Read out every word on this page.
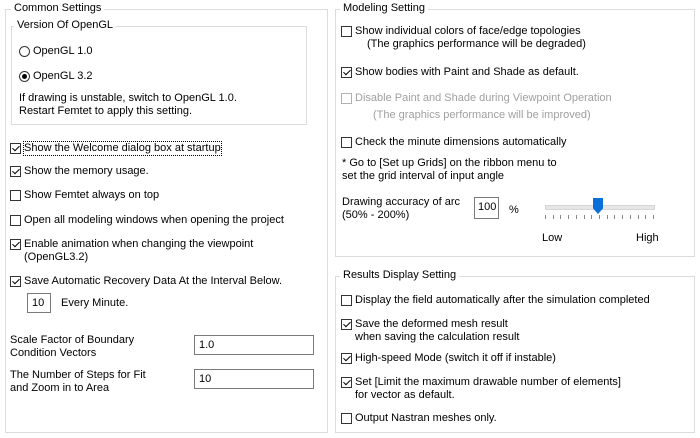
Common Settings
Version Of OpenGL
OpenGL 1.0
OpenGL 3.2
If drawing is unstable, switch to OpenGL 1.0.
Restart Femtet to apply this setting.
Show the Welcome dialog box at startup
Show the memory usage.
Show Femtet always on top
Open all modeling windows when opening the project
Enable animation when changing the viewpoint
(OpenGL3.2)
Save Automatic Recovery Data At the Interval Below.
10	Every Minute.
Scale Factor of Boundary
Condition Vectors
1.0
The Number of Steps for Fit
and Zoom in to Area
10
Modeling Setting
Show individual colors of face/edge topologies
(The graphics performance will be degraded)
Show bodies with Paint and Shade as default.
Disable Paint and Shade during Viewpoint Operation
(The graphics performance will be improved)
Check the minute dimensions automatically
* Go to [Set up Grids] on the ribbon menu to
set the grid interval of input angle
Drawing accuracy of arc
(50% - 200%)
100 %
Low	High
Results Display Setting
Display the field automatically after the simulation completed
Save the deformed mesh result
when saving the calculation result
High-speed Mode (switch it off if instable)
Set [Limit the maximum drawable number of elements]
for vector as default.
Output Nastran meshes only.
